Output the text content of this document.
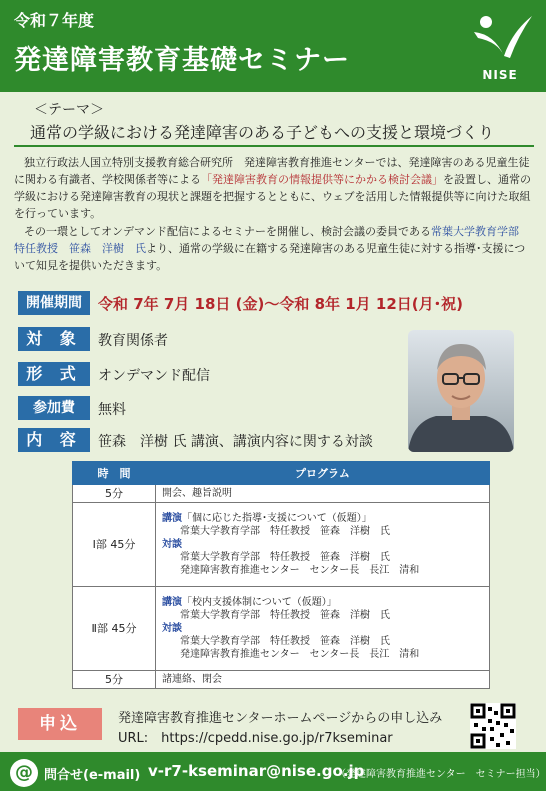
令和７年度
発達障害教育基礎セミナー	NISE
＜テーマ＞
通常の学級における発達障害のある子どもへの支援と環境づくり

独立行政法人国立特別支援教育総合研究所　発達障害教育推進センターでは、発達障害のある児童生徒に関わる有識者、学校関係者等による「発達障害教育の情報提供等にかかる検討会議」を設置し、通常の学級における発達障害教育の現状と課題を把握するとともに、ウェブを活用した情報提供等に向けた取組を行っています。

その一環としてオンデマンド配信によるセミナーを開催し、検討会議の委員である常葉大学教育学部　特任教授　笹森　洋樹　氏より、通常の学級に在籍する発達障害のある児童生徒に対する指導･支援について知見を提供いただきます。

開催期間	令和 7年 7月 18日 (金)～令和 8年 1月 12日(月･祝)
対 象	教育関係者
形 式	オンデマンド配信
参加費	無料
内 容	笹森　洋樹 氏 講演、講演内容に関する対談
時　間	プログラム
5分	開会、趣旨説明
Ⅰ部 45分	講演「個に応じた指導･支援について（仮題）」
常葉大学教育学部　特任教授　笹森　洋樹　氏
対談
常葉大学教育学部　特任教授　笹森　洋樹　氏
発達障害教育推進センター　センター長　長江　清和

Ⅱ部 45分	講演「校内支援体制について（仮題）」
常葉大学教育学部　特任教授　笹森　洋樹　氏
対談
常葉大学教育学部　特任教授　笹森　洋樹　氏
発達障害教育推進センター　センター長　長江　清和

5分	諸連絡、閉会
申込	発達障害教育推進センターホームページからの申し込み
URL:　https://cpedd.nise.go.jp/r7kseminar
@ 問合せ(e-mail) v-r7-kseminar@nise.go.jp
（発達障害教育推進センター　セミナー担当）
